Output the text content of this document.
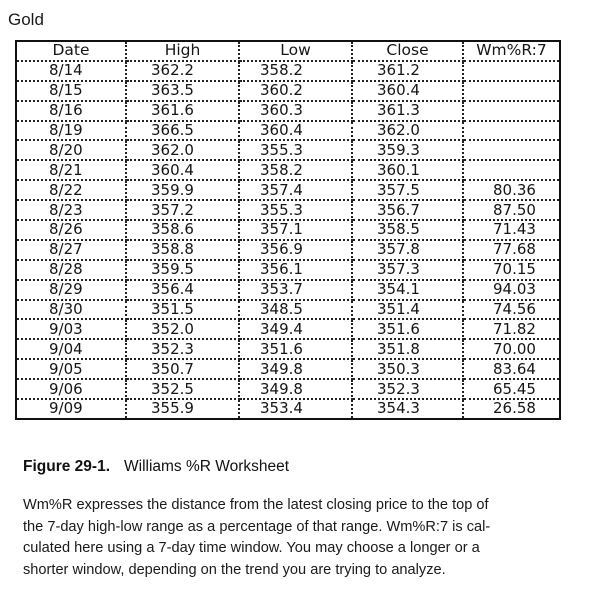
Gold
Date	High	Low	Close	Wm%R:7
8/14	362.2	358.2	361.2	
8/15	363.5	360.2	360.4	
8/16	361.6	360.3	361.3	
8/19	366.5	360.4	362.0	
8/20	362.0	355.3	359.3	
8/21	360.4	358.2	360.1	
8/22	359.9	357.4	357.5	80.36
8/23	357.2	355.3	356.7	87.50
8/26	358.6	357.1	358.5	71.43
8/27	358.8	356.9	357.8	77.68
8/28	359.5	356.1	357.3	70.15
8/29	356.4	353.7	354.1	94.03
8/30	351.5	348.5	351.4	74.56
9/03	352.0	349.4	351.6	71.82
9/04	352.3	351.6	351.8	70.00
9/05	350.7	349.8	350.3	83.64
9/06	352.5	349.8	352.3	65.45
9/09	355.9	353.4	354.3	26.58
Figure 29-1. Williams %R Worksheet
Wm%R expresses the distance from the latest closing price to the top of
the 7-day high-low range as a percentage of that range. Wm%R:7 is cal-
culated here using a 7-day time window. You may choose a longer or a
shorter window, depending on the trend you are trying to analyze.
